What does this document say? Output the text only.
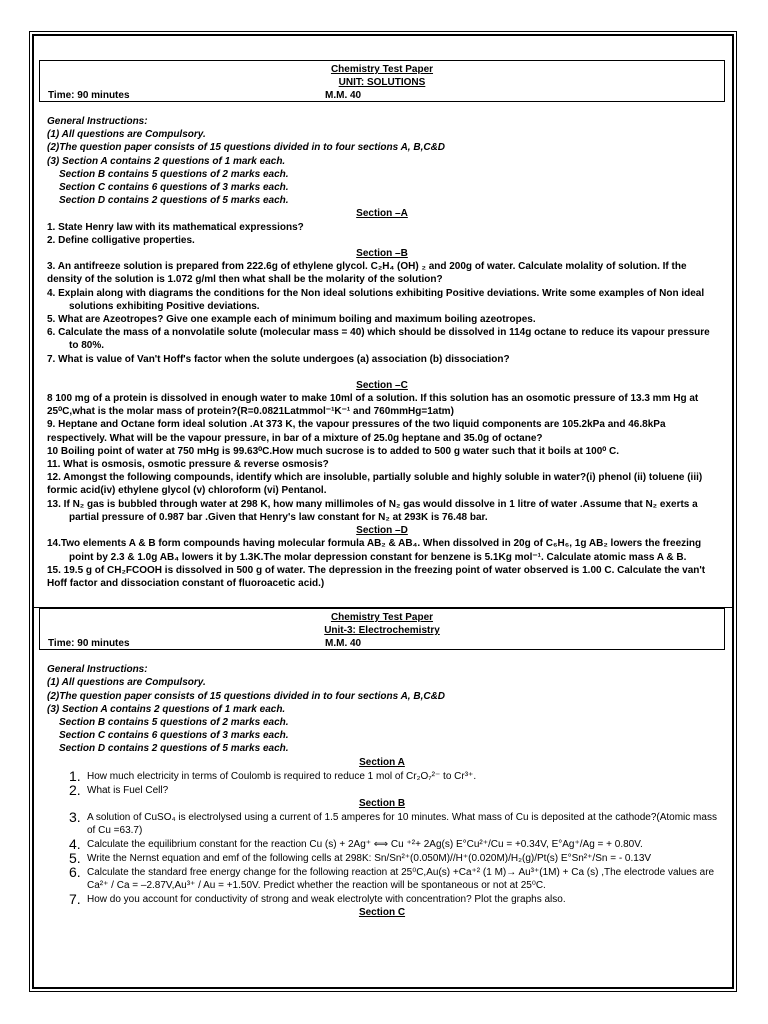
Chemistry Test Paper
UNIT: SOLUTIONS
Time: 90 minutes	M.M. 40
General Instructions:
(1) All questions are Compulsory.
(2)The question paper consists of 15 questions divided in to four sections A, B,C&D
(3) Section A contains 2 questions of 1 mark each.
Section B contains 5 questions of 2 marks each.
Section C contains 6 questions of 3 marks each.
Section D contains 2 questions of 5 marks each.
Section –A
1. State Henry law with its mathematical expressions?
2. Define colligative properties.
Section –B
3. An antifreeze solution is prepared from 222.6g of ethylene glycol. C₂H₄ (OH) ₂ and 200g of water. Calculate molality of solution. If the density of the solution is 1.072 g/ml then what shall be the molarity of the solution?
4. Explain along with diagrams the conditions for the Non ideal solutions exhibiting Positive deviations. Write some examples of Non ideal solutions exhibiting Positive deviations.
5. What are Azeotropes? Give one example each of minimum boiling and maximum boiling azeotropes.
6. Calculate the mass of a nonvolatile solute (molecular mass = 40) which should be dissolved in 114g octane to reduce its vapour pressure to 80%.
7. What is value of Van't Hoff's factor when the solute undergoes (a) association (b) dissociation?
Section –C
8 100 mg of a protein is dissolved in enough water to make 10ml of a solution. If this solution has an osomotic pressure of 13.3 mm Hg at 25⁰C,what is the molar mass of protein?(R=0.0821Latmmol⁻¹K⁻¹ and 760mmHg=1atm)
9. Heptane and Octane form ideal solution .At 373 K, the vapour pressures of the two liquid components are 105.2kPa and 46.8kPa respectively. What will be the vapour pressure, in bar of a mixture of 25.0g heptane and 35.0g of octane?
10 Boiling point of water at 750 mHg is 99.63⁰C.How much sucrose is to added to 500 g water such that it boils at 100⁰ C.
11. What is osmosis, osmotic pressure & reverse osmosis?
12. Amongst the following compounds, identify which are insoluble, partially soluble and highly soluble in water?(i) phenol (ii) toluene (iii) formic acid(iv) ethylene glycol (v) chloroform (vi) Pentanol.
13. If N₂ gas is bubbled through water at 298 K, how many millimoles of N₂ gas would dissolve in 1 litre of water .Assume that N₂ exerts a partial pressure of 0.987 bar .Given that Henry's law constant for N₂ at 293K is 76.48 bar.
Section –D
14.Two elements A & B form compounds having molecular formula AB₂ & AB₄. When dissolved in 20g of C₆H₆, 1g AB₂ lowers the freezing point by 2.3 & 1.0g AB₄ lowers it by 1.3K.The molar depression constant for benzene is 5.1Kg mol⁻¹. Calculate atomic mass A & B.
15. 19.5 g of CH₂FCOOH is dissolved in 500 g of water. The depression in the freezing point of water observed is 1.00 C. Calculate the van't Hoff factor and dissociation constant of fluoroacetic acid.)
Chemistry Test Paper
Unit-3: Electrochemistry
Time: 90 minutes	M.M. 40
General Instructions:
(1) All questions are Compulsory.
(2)The question paper consists of 15 questions divided in to four sections A, B,C&D
(3) Section A contains 2 questions of 1 mark each.
Section B contains 5 questions of 2 marks each.
Section C contains 6 questions of 3 marks each.
Section D contains 2 questions of 5 marks each.
Section A
1. How much electricity in terms of Coulomb is required to reduce 1 mol of Cr₂O₇²⁻ to Cr³⁺.
2. What is Fuel Cell?
Section B
3. A solution of CuSO₄ is electrolysed using a current of 1.5 amperes for 10 minutes. What mass of Cu is deposited at the cathode?(Atomic mass of Cu =63.7)
4. Calculate the equilibrium constant for the reaction Cu (s) + 2Ag⁺ ⟺ Cu ⁺²+ 2Ag(s) E°Cu²⁺/Cu = +0.34V, E°Ag⁺/Ag = + 0.80V.
5. Write the Nernst equation and emf of the following cells at 298K: Sn/Sn²⁺(0.050M)//H⁺(0.020M)/H₂(g)/Pt(s) E°Sn²⁺/Sn = - 0.13V
6. Calculate the standard free energy change for the following reaction at 25⁰C,Au(s) +Ca⁺² (1 M)→ Au³⁺(1M) + Ca (s) ,The electrode values are Ca²⁺ / Ca = –2.87V,Au³⁺ / Au = +1.50V. Predict whether the reaction will be spontaneous or not at 25⁰C.
7. How do you account for conductivity of strong and weak electrolyte with concentration? Plot the graphs also.
Section C
